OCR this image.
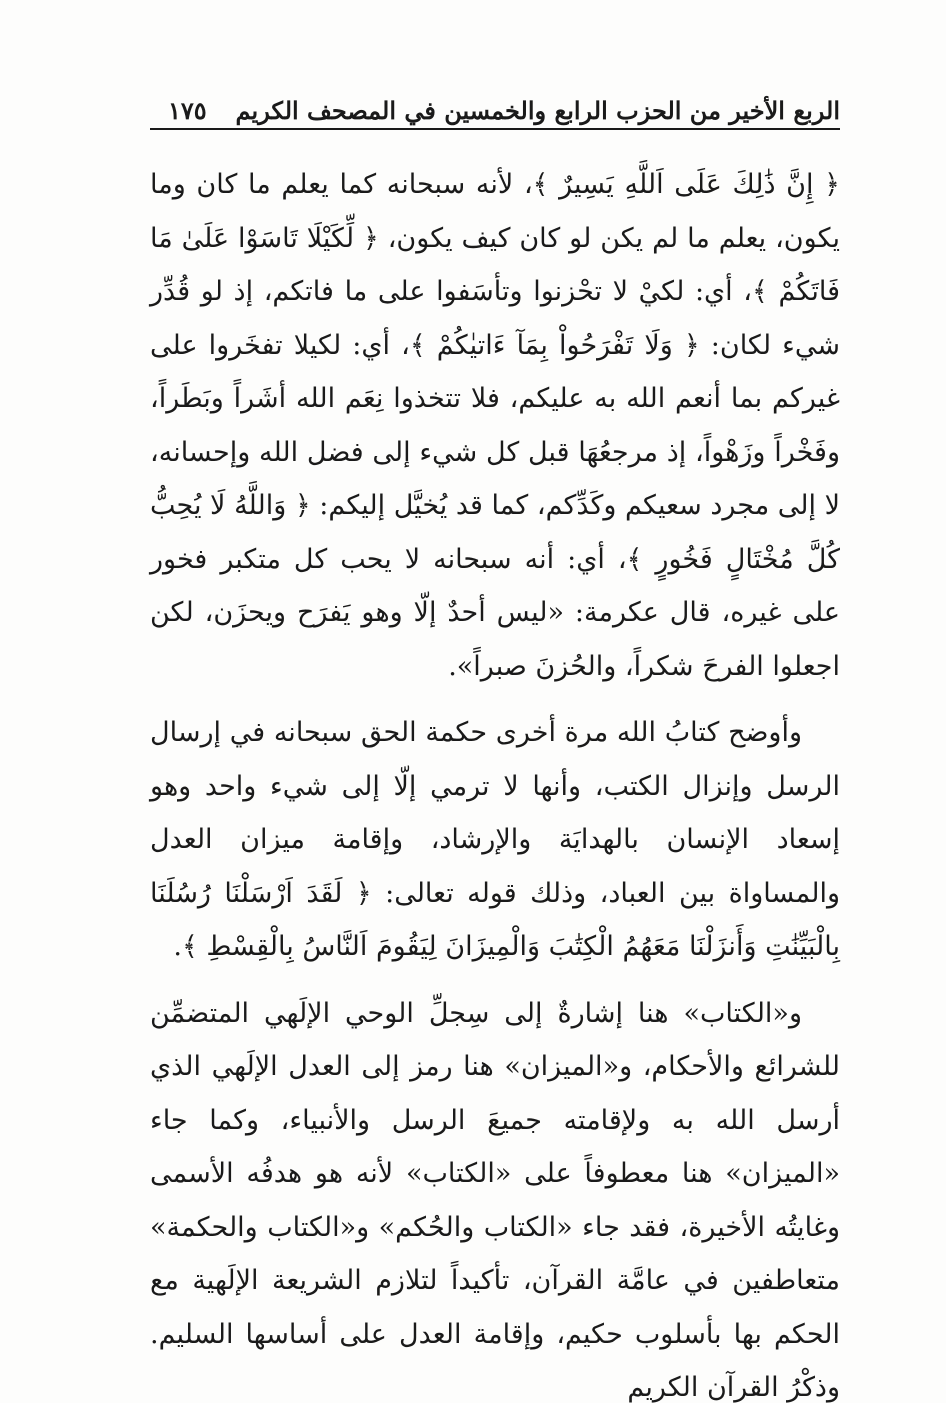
الربع الأخير من الحزب الرابع والخمسين في المصحف الكريم
١٧٥

﴿ إِنَّ ذَٰلِكَ عَلَى اَللَّهِ يَسِيرٌ ﴾، لأنه سبحانه كما يعلم ما كان وما يكون، يعلم ما لم يكن لو كان كيف يكون، ﴿ لِّكَيْلَا تَاسَوْا عَلَىٰ مَا فَاتَكُمْ ﴾، أي: لكيْ لا تحْزنوا وتأسَفوا على ما فاتكم، إذ لو قُدِّر شيء لكان: ﴿ وَلَا تَفْرَحُواْ بِمَآ ءَاتيٰكُمْ ﴾، أي: لكيلا تفخَروا على غيركم بما أنعم الله به عليكم، فلا تتخذوا نِعَم الله أشَراً وبَطَراً، وفَخْراً وزَهْواً، إذ مرجعُهَا قبل كل شيء إلى فضل الله وإحسانه، لا إلى مجرد سعيكم وكَدِّكم، كما قد يُخيَّل إليكم: ﴿ وَاللَّهُ لَا يُحِبُّ كُلَّ مُخْتَالٍ فَخُورٍ ﴾، أي: أنه سبحانه لا يحب كل متكبر فخور على غيره، قال عكرمة: «ليس أحدٌ إلّا وهو يَفرَح ويحزَن، لكن اجعلوا الفرحَ شكراً، والحُزنَ صبراً».

وأوضح كتابُ الله مرة أخرى حكمة الحق سبحانه في إرسال الرسل وإنزال الكتب، وأنها لا ترمي إلّا إلى شيء واحد وهو إسعاد الإنسان بالهدايَة والإرشاد، وإقامة ميزان العدل والمساواة بين العباد، وذلك قوله تعالى: ﴿ لَقَدَ اَرْسَلْنَا رُسُلَنَا بِالْبَيِّنَٰتِ وَأَنزَلْنَا مَعَهُمُ الْكِتَٰبَ وَالْمِيزَانَ لِيَقُومَ اَلنَّاسُ بِالْقِسْطِ ﴾.

و«الكتاب» هنا إشارةٌ إلى سِجلِّ الوحي الإلَهي المتضمِّن للشرائع والأحكام، و«الميزان» هنا رمز إلى العدل الإلَهي الذي أرسل الله به ولإقامته جميعَ الرسل والأنبياء، وكما جاء «الميزان» هنا معطوفاً على «الكتاب» لأنه هو هدفُه الأسمى وغايتُه الأخيرة، فقد جاء «الكتاب والحُكم» و«الكتاب والحكمة» متعاطفين في عامَّة القرآن، تأكيداً لتلازم الشريعة الإلَهية مع الحكم بها بأسلوب حكيم، وإقامة العدل على أساسها السليم. وذكْرُ القرآن الكريم
